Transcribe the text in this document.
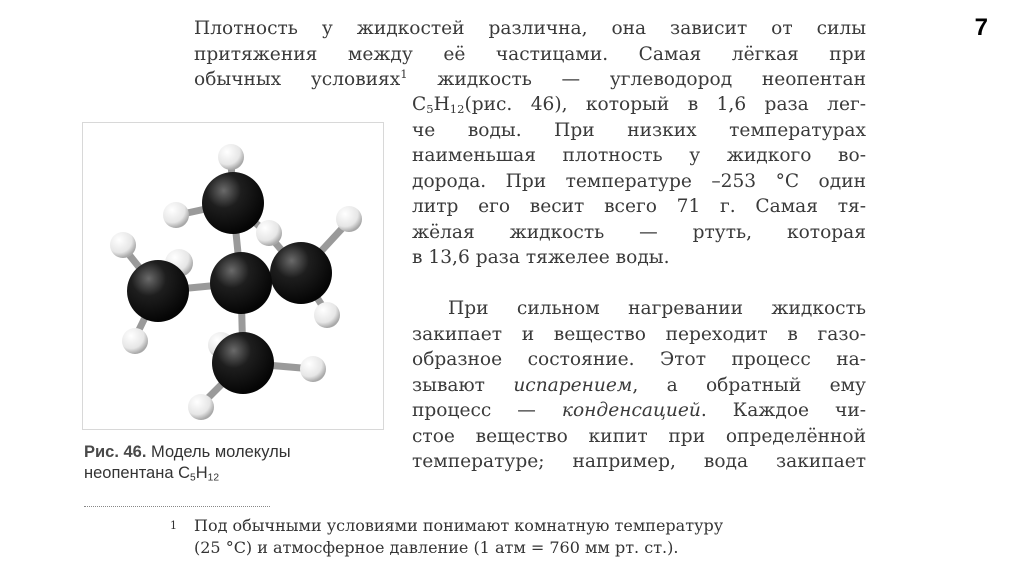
7
Плотность у жидкостей различна, она зависит от силы
притяжения между её частицами. Самая лёгкая при
обычных условиях$^1$ жидкость — углеводород неопентан
$C_5H_{12}(рис$. 46), который в 1,6 раза лег-
че воды. При низких температурах
наименьшая плотность у жидкого во-
дорода. При температуре –253 °С один
литр его весит всего 71 г. Самая тя-
жёлая жидкость — ртуть, которая
в 13,6 раза тяжелее воды.
При сильном нагревании жидкость
закипает и вещество переходит в газо-
образное состояние. Этот процесс на-
зывают испарением, а обратный ему
процесс — конденсацией. Каждое чи-
стое вещество кипит при определённой
температуре; например, вода закипает
Рис. 46. Модель молекулы
неопентана $C_5H_{12}$
1	Под обычными условиями понимают комнатную температуру
(25 °С) и атмосферное давление (1 атм = 760 мм рт. ст.).
